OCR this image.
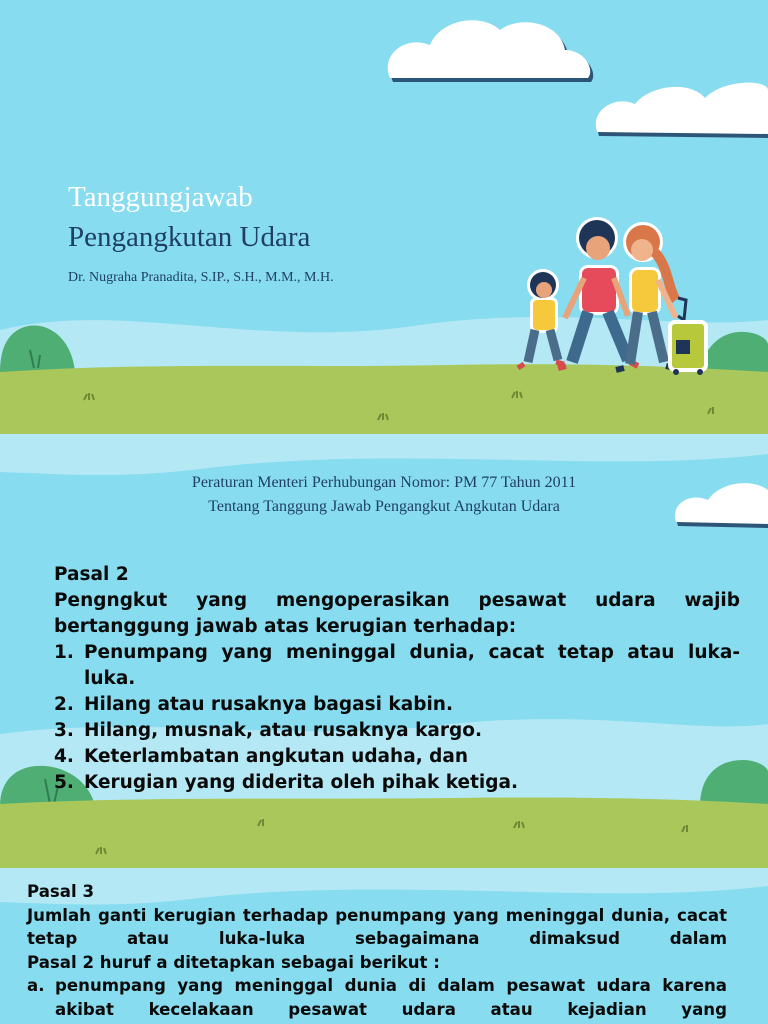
Tanggungjawab
Pengangkutan Udara
Dr. Nugraha Pranadita, S.IP., S.H., M.M., M.H.
Peraturan Menteri Perhubungan Nomor: PM 77 Tahun 2011
Tentang Tanggung Jawab Pengangkut Angkutan Udara

Pasal 2

Pengngkut yang mengoperasikan pesawat udara wajib bertanggung jawab atas kerugian terhadap:

1. Penumpang yang meninggal dunia, cacat tetap atau luka-luka.
2. Hilang atau rusaknya bagasi kabin.
3. Hilang, musnak, atau rusaknya kargo.
4. Keterlambatan angkutan udaha, dan
5. Kerugian yang diderita oleh pihak ketiga.

Pasal 3

Jumlah ganti kerugian terhadap penumpang yang meninggal dunia, cacat tetap atau luka-luka sebagaimana dimaksud dalam

Pasal 2 huruf a ditetapkan sebagai berikut :

a. penumpang yang meninggal dunia di dalam pesawat udara karena akibat kecelakaan pesawat udara atau kejadian yang
